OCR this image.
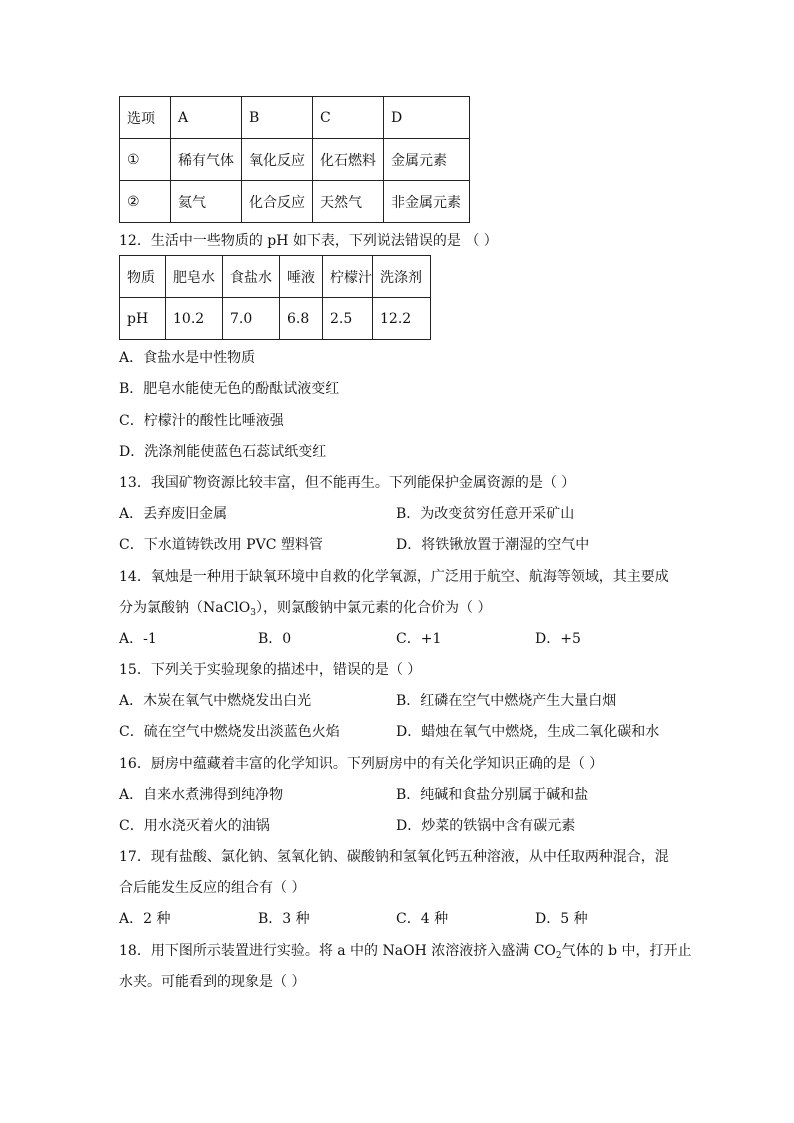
选项	A	B	C	D
①	稀有气体	氧化反应	化石燃料	金属元素
②	氦气	化合反应	天然气	非金属元素
12．生活中一些物质的 pH 如下表，下列说法错误的是 （ ）
物质	肥皂水	食盐水	唾液	柠檬汁	洗涤剂
pH	10.2	7.0	6.8	2.5	12.2
A．食盐水是中性物质
B．肥皂水能使无色的酚酞试液变红
C．柠檬汁的酸性比唾液强
D．洗涤剂能使蓝色石蕊试纸变红
13．我国矿物资源比较丰富，但不能再生。下列能保护金属资源的是（ ）
A．丢弃废旧金属	B．为改变贫穷任意开采矿山
C．下水道铸铁改用 PVC 塑料管	D．将铁锹放置于潮湿的空气中
14．氧烛是一种用于缺氧环境中自救的化学氧源，广泛用于航空、航海等领域，其主要成
分为氯酸钠（NaClO$_3$），则氯酸钠中氯元素的化合价为（ ）
A．-1	B．0	C．+1	D．+5
15．下列关于实验现象的描述中，错误的是（ ）
A．木炭在氧气中燃烧发出白光	B．红磷在空气中燃烧产生大量白烟
C．硫在空气中燃烧发出淡蓝色火焰	D．蜡烛在氧气中燃烧，生成二氧化碳和水
16．厨房中蕴藏着丰富的化学知识。下列厨房中的有关化学知识正确的是（ ）
A．自来水煮沸得到纯净物	B．纯碱和食盐分别属于碱和盐
C．用水浇灭着火的油锅	D．炒菜的铁锅中含有碳元素
17．现有盐酸、氯化钠、氢氧化钠、碳酸钠和氢氧化钙五种溶液，从中任取两种混合，混
合后能发生反应的组合有（ ）
A．2 种	B．3 种	C．4 种	D．5 种
18．用下图所示装置进行实验。将 a 中的 NaOH 浓溶液挤入盛满 $CO_2$气体的 b 中，打开止
水夹。可能看到的现象是（ ）
